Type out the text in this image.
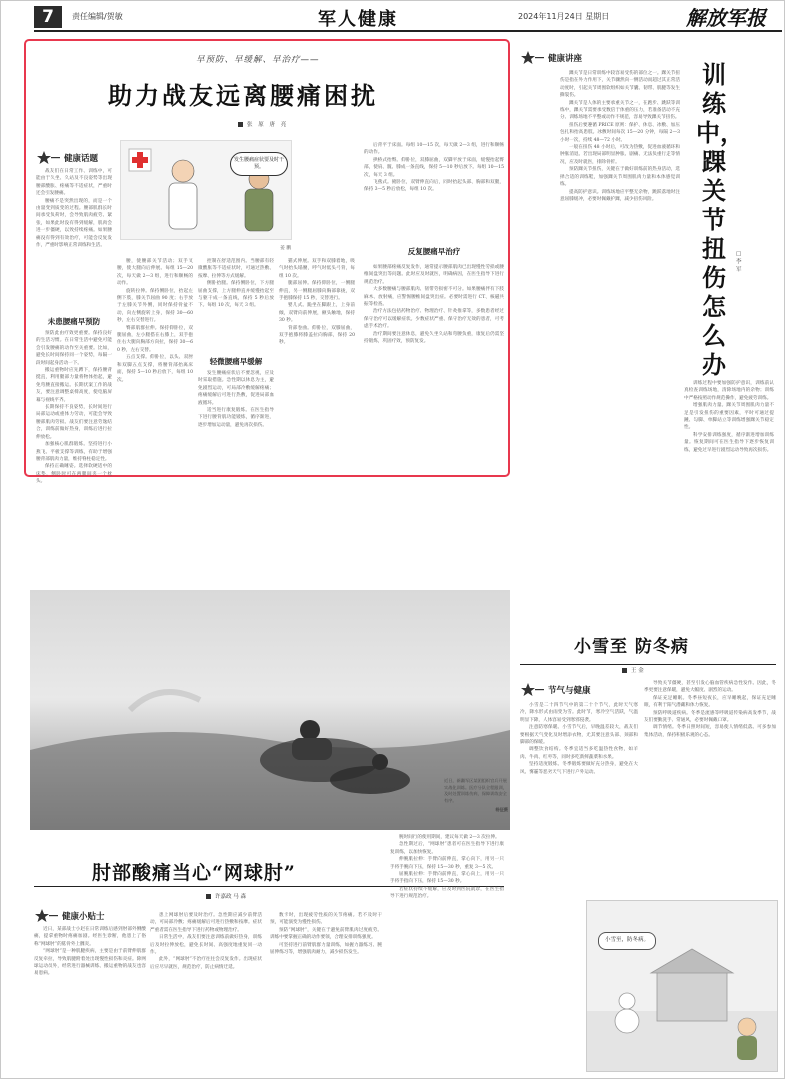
7	责任编辑/贺敏	军人健康	2024年11月24日 星期日	解放军报
早预防、早缓解、早治疗——
助力战友远离腰痛困扰
张 原 唐 亮
发生腰痛症状要及时干预。
姜 鹏
健康话题

战友们在日常工作、训练中，可能由于久坐、久站及不良姿势等出现腰部酸胀、疼痛等不适症状，严重时还会引发腰痛。

腰痛不是突然出现的，而是一个由量变到质变的过程。腰部肌群长时间承受负荷时，会导致肌肉疲劳、紧张，如果此时没有得到缓解，肌肉会进一步僵硬，以致持续疼痛。如果腰痛没有得到有效治疗，可能会反复发作，严重时影响正常训练和生活。

未患腰痛早预防

预防此由疗效更重要。保持良好的生活习惯。在日常生活中避免可能会引发腰痛的动作至关重要。比如，避免长时间保持同一个姿势，每隔一段时间起身活动一下。

搬运重物时应先蹲下，保持腰背挺直，利用腿部力量将物体抬起，避免弯腰直接搬运。长期伏案工作的战友，要注意调整桌椅高度，使电脑屏幕与视线平齐。

长期保持不良姿势，长时间进行局部运动或重体力劳动，可能会导致腰部肌肉劳损。战友们要注意劳逸结合，训练前做好热身，训练后进行拉伸放松。

加强核心肌群锻炼。坚持进行小燕飞、平板支撑等训练，有助于增强腰背部肌肉力量，维持脊柱稳定性。

保持正确睡姿。选择软硬适中的床垫，侧卧时可在两腿间夹一个枕头。

腰，使腰部关节活动；双手叉腰，使大腿向后伸展。每组 15—20 次，每天做 2—3 组，进行和顺畅的动作。

旋转拉伸。保持侧卧位，抬起左侧下肢，膝关节屈曲 90 度；右手放于左膝关节外侧，同时保持骨盆不动，向左侧旋转上身，保持 30—60 秒，左右交替进行。

臀部肌群拉伸。保持仰卧位，双腿屈曲，左小腿搭在右膝上，双手抱住右大腿向胸部方向拉，保持 30—60 秒，左右交替。

五点支撑。仰卧位，以头、双肘和双脚五点支撑，将腰背部抬离床面，保持 5—10 秒后放下，每组 10 次。

轻微腰痛早缓解

发生腰痛症状后不要忽视，应及时采取措施。急性期以休息为主，避免剧烈运动，可局部冷敷缓解疼痛；疼痛缓解后可进行热敷，促进局部血液循环。

适当进行康复锻炼。在医生指导下进行腰背肌功能锻炼，循序渐进，逐步增加运动量，避免再次损伤。

控制在舒适范围内。当腰部有轻微酸胀等不适症状时，可通过热敷、按摩、拉伸等方式缓解。

侧卧抬腿。保持侧卧位，下方腿屈曲支撑，上方腿伸直并缓慢抬起至与躯干成一条直线，保持 5 秒后放下。每组 10 次，每天 3 组。

猫式伸展。双手和双膝着地，吸气时抬头塌腰，呼气时低头弓背，每组 10 次。

腿部屈伸。保持仰卧位，一侧腿伸直，另一侧腿屈膝向胸部靠拢，双手抱膝保持 15 秒，交替进行。

婴儿式。跪坐在脚跟上，上身前倾，双臂向前伸展，额头触地，保持 30 秒。

背部卷曲。仰卧位，双膝屈曲，双手抱膝将膝盖拉向胸部，保持 20 秒。

后背平于床面。每组 10—15 次，每天做 2—3 组，进行和顺畅的动作。

拱桥式抬臀。仰卧位，双膝屈曲，双脚平放于床面，缓慢抬起臀部，使肩、髋、膝成一条直线，保持 5—10 秒后放下。每组 10—15 次，每天 3 组。

飞燕式。俯卧位，双臂伸直向后，同时抬起头部、胸部和双腿，保持 3—5 秒后放松，每组 10 次。

反复腰痛早治疗

如果腰部疼痛反复发作，通常提示腰部肌肉已出现慢性劳损或腰椎间盘突出等问题。此时应及时就医，明确病因，在医生指导下进行规范治疗。

大多数腰痛与腰部肌肉、韧带劳损密不可分。如果腰痛伴有下肢麻木、放射痛，应警惕腰椎间盘突出症。必要时需进行 CT、核磁共振等检查。

治疗方法包括药物治疗、物理治疗、针灸推拿等，多数患者经过保守治疗可以缓解症状。少数症状严重、保守治疗无效的患者，可考虑手术治疗。

治疗期间要注意休息，避免久坐久站和弯腰负重，康复后仍需坚持锻炼，巩固疗效，预防复发。

健康讲座
训练中，踝关节扭伤怎么办
□ 李 军

踝关节是日常训练中较容易受伤的部位之一。踝关节扭伤是指在外力作用下，关节骤然向一侧活动而超过其正常活动度时，引起关节周围软组织如关节囊、韧带、肌腱等发生撕裂伤。

踝关节是人体的主要承重关节之一，在跑步、跳跃等训练中，踝关节需要承受数倍于体重的压力，若准备活动不充分、训练场地不平整或动作不规范，容易导致踝关节扭伤。

扭伤后要遵循 PRICE 原则：保护、休息、冰敷、加压包扎和抬高患肢。冰敷时间每次 15—20 分钟，每隔 2—3 小时一次，持续 48—72 小时。

一般在扭伤 48 小时后，可改为热敷，促进血液循环和肿胀消退。若出现局部明显肿胀、剧痛、无法负重行走等情况，应及时就医，排除骨折。

预防踝关节扭伤，关键在于做好训练前的热身活动，选择合适的训练鞋，加强踝关节周围肌肉力量和本体感觉训练。

提高防护意识。训练场地应平整无杂物，跳跃落地时注意屈膝缓冲，必要时佩戴护踝，减少扭伤风险。

训练过程中要加强防护意识，训练前认真检查训练场地，清除场地内的杂物；训练中严格按照动作规范操作，避免疲劳训练。

增强肌肉力量。踝关节周围肌肉力量不足是引发扭伤的重要因素，平时可通过提踵、勾脚、单脚站立等训练增强踝关节稳定性。

科学安排训练强度，循序渐进增加训练量。恢复期间可在医生指导下逐步恢复训练，避免过早进行剧烈运动导致再次损伤。

近日，新疆军区某团组织官兵开展实战化训练。医疗分队全程跟训，及时处置训练伤病，保障训练安全有序。
杨征摄
小雪至 防冬病
王 金
节气与健康

小雪是二十四节气中的第二十个节气，此时天气寒冷，降水形式由雨变为雪。此时节，寒冷空气活跃，气温明显下降，人体容易受到寒邪侵袭。

注意防寒保暖。小雪节气后，早晚温差较大，战友们要根据天气变化及时增添衣物，尤其要注意头部、颈部和脚部的保暖。

调整饮食结构。冬季宜适当多吃温热性食物，如羊肉、牛肉、红枣等，同时多吃新鲜蔬菜和水果。

坚持适度锻炼。冬季锻炼要做好充分热身，避免在大风、雾霾等恶劣天气下进行户外运动。

导致关节僵硬，甚至引发心脑血管疾病急性发作。因此，冬季更要注意保暖，避免大幅度、剧烈的运动。

保证充足睡眠。冬季昼短夜长，应早睡晚起，保证充足睡眠，有利于阳气潜藏和体力恢复。

预防呼吸道疾病。冬季是流感等呼吸道传染病高发季节，战友们要勤洗手、常通风，必要时佩戴口罩。

调节情绪。冬季日照时间短，容易使人情绪低落。可多参加集体活动，保持积极乐观的心态。

小雪至，防冬病。
肘部酸痛当心“网球肘”
许嘉政 马 森
健康小贴士

近日，某部战士小赵在日常训练后感到肘部外侧酸痛，提拿重物时疼痛加剧。经医生诊断，他患上了俗称“网球肘”的肱骨外上髁炎。

“网球肘”是一种肌腱疾病，主要是由于前臂伸肌群反复牵拉，导致肌腱附着处出现慢性损伤和炎症。除网球运动员外，经常进行器械训练、搬运重物的战友也容易患病。

患上网球肘后要及时治疗。急性期应减少前臂活动，可局部冷敷；疼痛缓解后可进行热敷和按摩。症状严重者需在医生指导下进行药物或物理治疗。

日常生活中，战友们要注意训练前做好热身，训练后及时拉伸放松，避免长时间、高强度地重复同一动作。

此外，“网球肘”不治疗往往会反复发作。出现症状后应尽早就医，规范治疗，防止病情迁延。

数卡时，出现疲劳性质的关节疼痛。若不及时干预，可能演变为慢性损伤。

预防“网球肘”，关键在于避免前臂肌肉过度疲劳。训练中要掌握正确的动作要领，合理安排训练强度。

可坚持进行前臂肌群力量训练，如握力器练习、腕屈伸练习等，增强肌肉耐力，减少损伤发生。

腕时间行的使用期间，建议每天做 2—3 次拉伸。

急性期过后，“网球肘”患者可在医生指导下进行康复训练，以加快恢复。

伸腕肌拉伸：手臂向前伸直，掌心向下，用另一只手将手腕向下压，保持 15—30 秒，重复 3—5 次。

屈腕肌拉伸：手臂向前伸直，掌心向上，用另一只手将手指向下压，保持 15—30 秒。

若症状持续不缓解，应及时到医院就诊，在医生指导下进行规范治疗。
